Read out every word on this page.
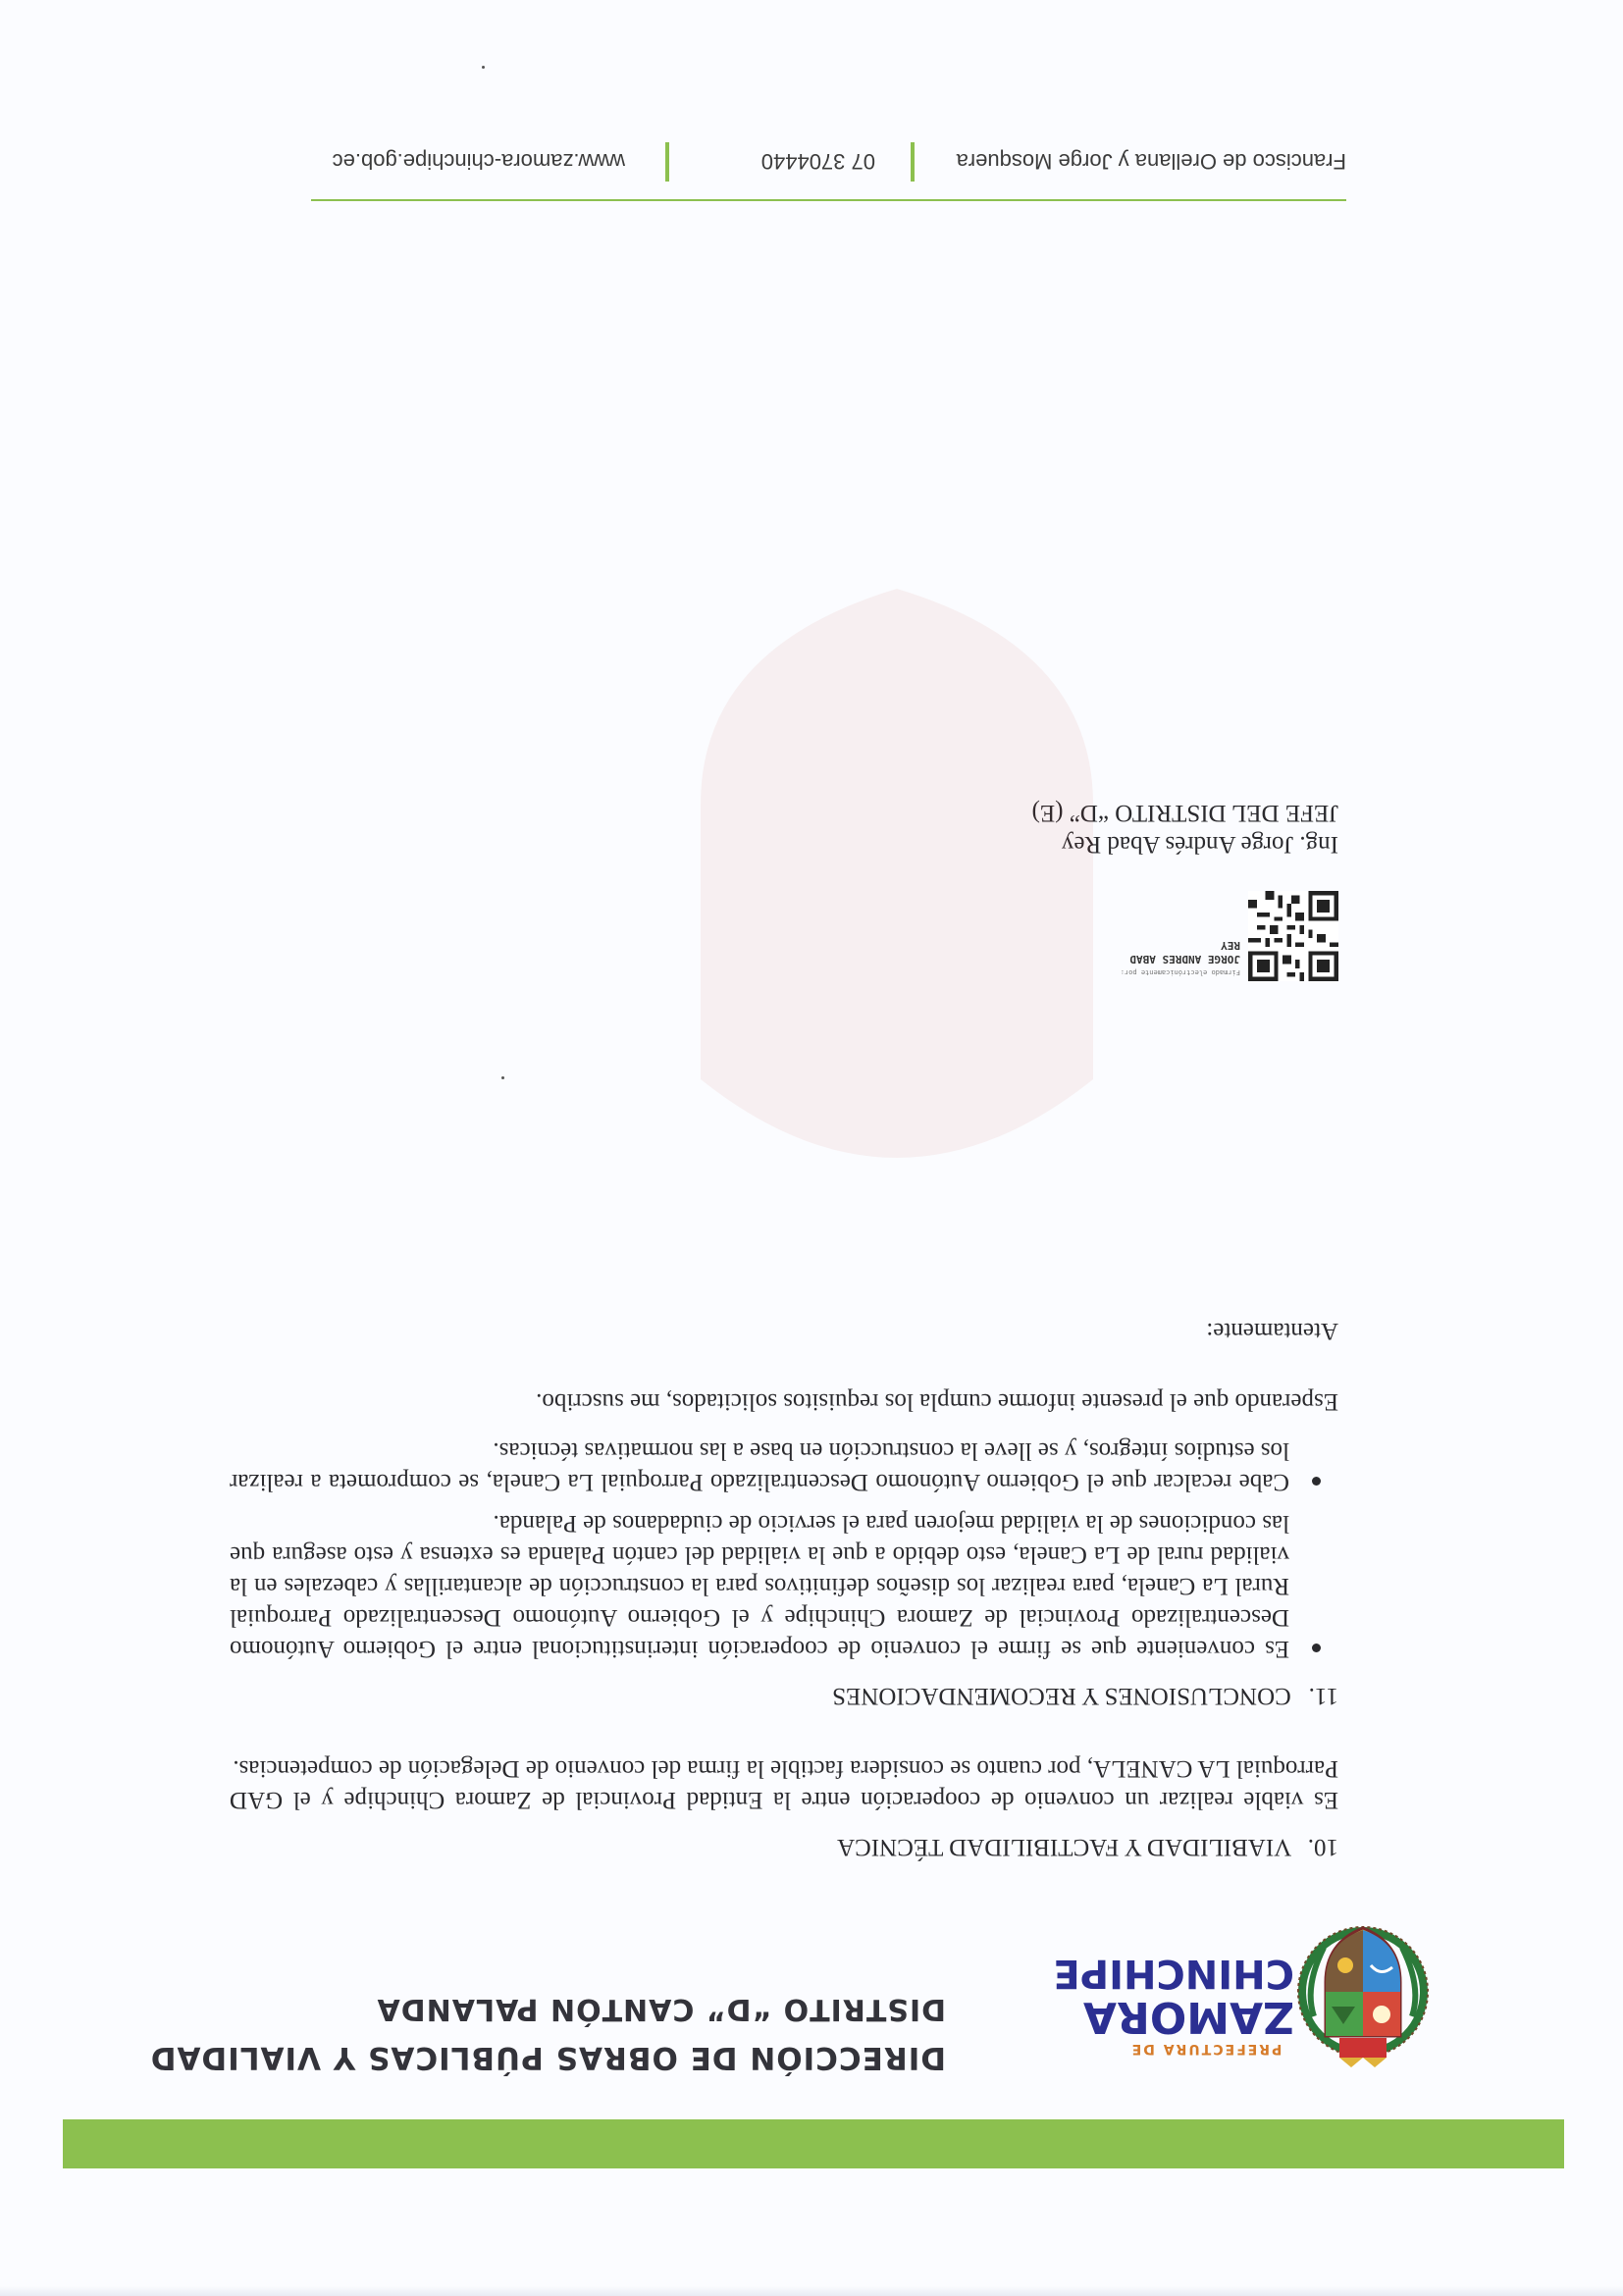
PREFECTURA DE
ZAMORA
CHINCHIPE
DIRECCIÓN DE OBRAS PÚBLICAS Y VIALIDAD
DISTRITO “D” CANTÓN PALANDA
10. VIABILIDAD Y FACTIBILIDAD TÉCNICA
Es viable realizar un convenio de cooperación entre la Entidad Provincial de Zamora Chinchipe y el GAD Parroquial LA CANELA, por cuanto se considera factible la firma del convenio de Delegación de competencias.
11. CONCLUSIONES Y RECOMENDACIONES
Es conveniente que se firme el convenio de cooperación interinstitucional entre el Gobierno Autónomo Descentralizado Provincial de Zamora Chinchipe y el Gobierno Autónomo Descentralizado Parroquial Rural La Canela, para realizar los diseños definitivos para la construcción de alcantarillas y cabezales en la vialidad rural de La Canela, esto debido a que la vialidad del cantón Palanda es extensa y esto asegura que las condiciones de la vialidad mejoren para el servicio de ciudadanos de Palanda.
Cabe recalcar que el Gobierno Autónomo Descentralizado Parroquial La Canela, se comprometa a realizar los estudios íntegros, y se lleve la construcción en base a las normativas técnicas.
Esperando que el presente informe cumpla los requisitos solicitados, me suscribo.
Atentamente:
Firmado electrónicamente por:
JORGE ANDRES ABAD
REY
Ing. Jorge Andrés Abad Rey
JEFE DEL DISTRITO “D” (E)
Francisco de Orellana y Jorge Mosquera
07 3704440
www.zamora-chinchipe.gob.ec
